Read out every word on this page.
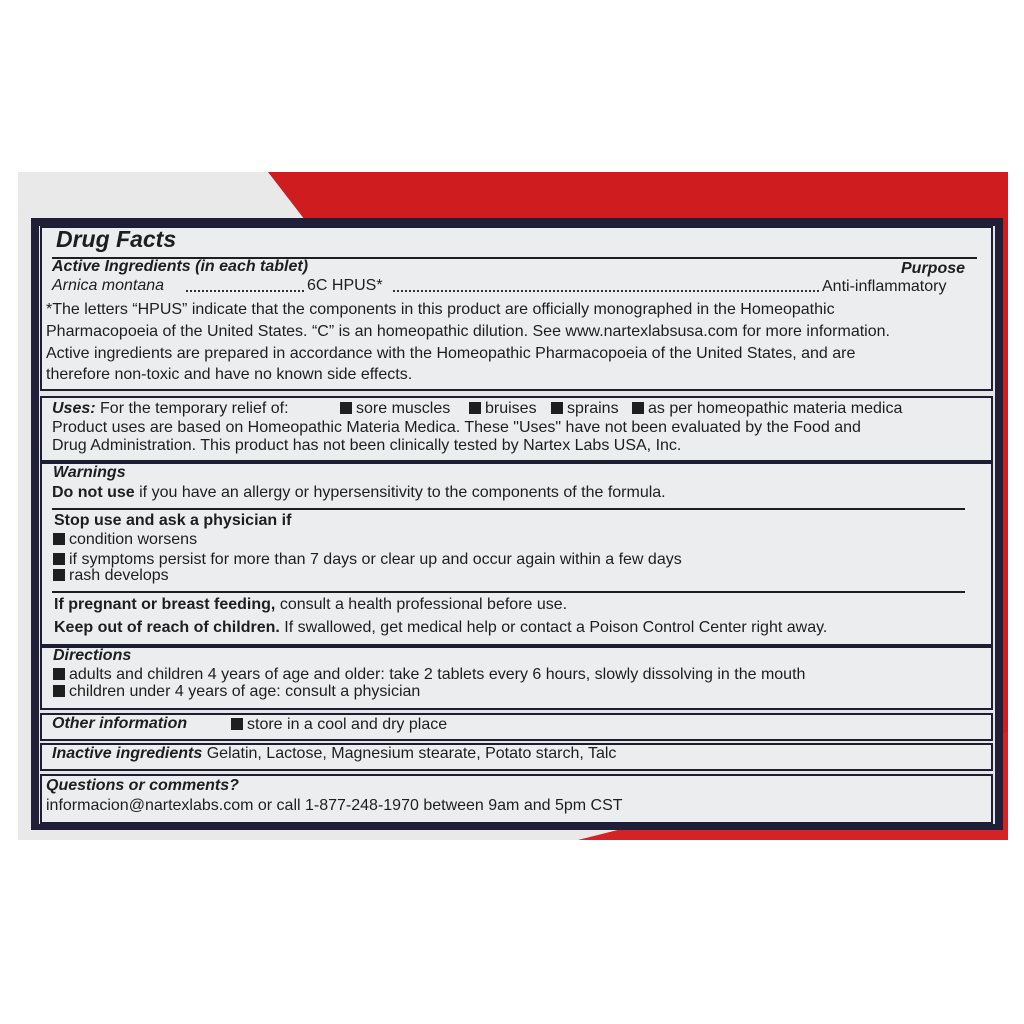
Drug Facts
Active Ingredients (in each tablet)	Purpose
Arnica montana	6C HPUS*	Anti-inflammatory
*The letters “HPUS” indicate that the components in this product are officially monographed in the Homeopathic
Pharmacopoeia of the United States. “C” is an homeopathic dilution. See www.nartexlabsusa.com for more information.
Active ingredients are prepared in accordance with the Homeopathic Pharmacopoeia of the United States, and are
therefore non-toxic and have no known side effects.
Uses: For the temporary relief of:	sore muscles	bruises	sprains	as per homeopathic materia medica
Product uses are based on Homeopathic Materia Medica. These "Uses" have not been evaluated by the Food and
Drug Administration. This product has not been clinically tested by Nartex Labs USA, Inc.
Warnings
Do not use if you have an allergy or hypersensitivity to the components of the formula.
Stop use and ask a physician if
condition worsens
if symptoms persist for more than 7 days or clear up and occur again within a few days
rash develops
If pregnant or breast feeding, consult a health professional before use.
Keep out of reach of children. If swallowed, get medical help or contact a Poison Control Center right away.
Directions
adults and children 4 years of age and older: take 2 tablets every 6 hours, slowly dissolving in the mouth
children under 4 years of age: consult a physician
Other information	store in a cool and dry place
Inactive ingredients Gelatin, Lactose, Magnesium stearate, Potato starch, Talc
Questions or comments?
informacion@nartexlabs.com or call 1-877-248-1970 between 9am and 5pm CST
